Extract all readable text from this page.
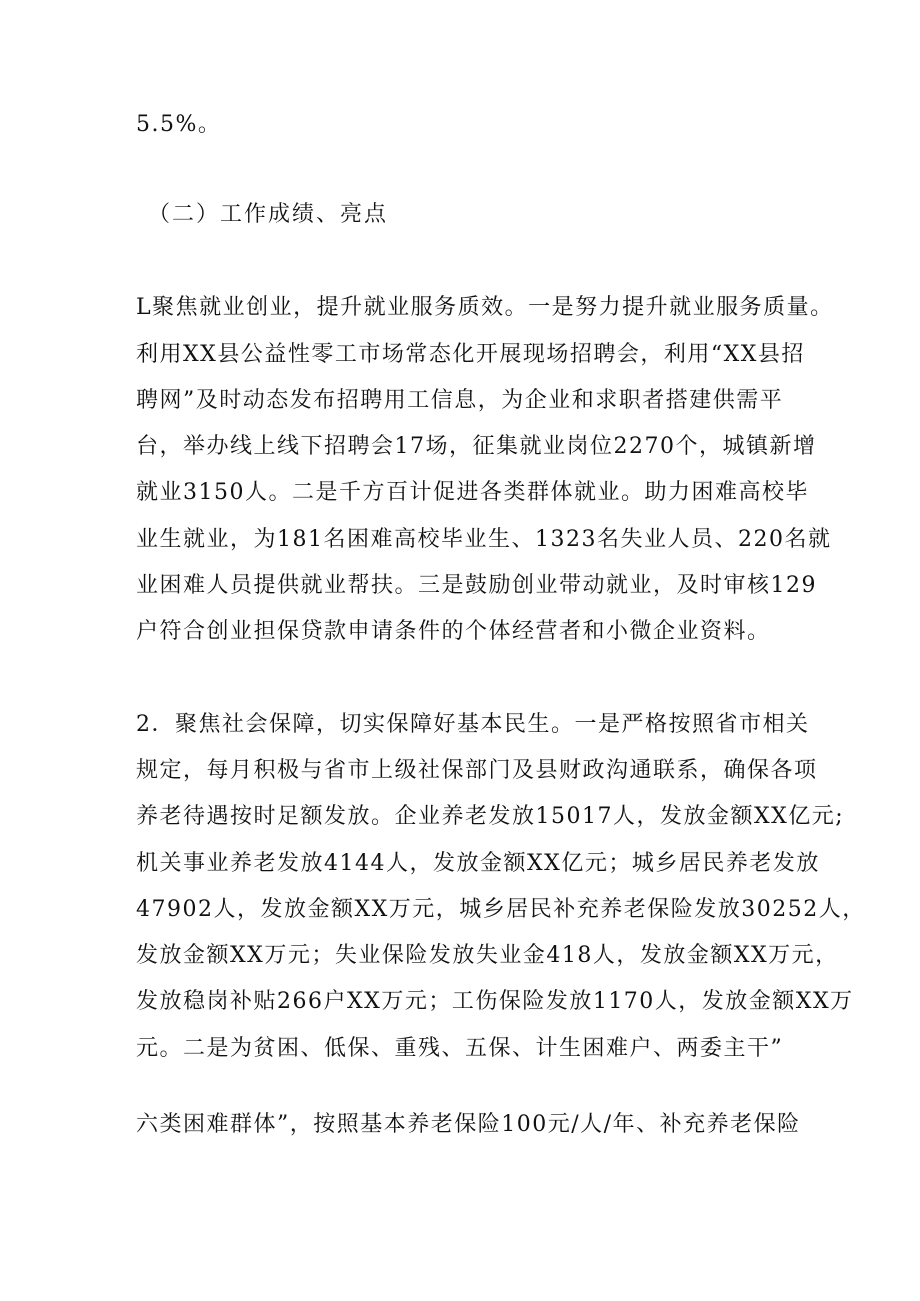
5.5%。
（二）工作成绩、亮点
L聚焦就业创业，提升就业服务质效。一是努力提升就业服务质量。
利用XX县公益性零工市场常态化开展现场招聘会，利用“XX县招
聘网”及时动态发布招聘用工信息，为企业和求职者搭建供需平
台，举办线上线下招聘会17场，征集就业岗位2270个，城镇新增
就业3150人。二是千方百计促进各类群体就业。助力困难高校毕
业生就业，为181名困难高校毕业生、1323名失业人员、220名就
业困难人员提供就业帮扶。三是鼓励创业带动就业，及时审核129
户符合创业担保贷款申请条件的个体经营者和小微企业资料。
2．聚焦社会保障，切实保障好基本民生。一是严格按照省市相关
规定，每月积极与省市上级社保部门及县财政沟通联系，确保各项
养老待遇按时足额发放。企业养老发放15017人，发放金额XX亿元;
机关事业养老发放4144人，发放金额XX亿元；城乡居民养老发放
47902人，发放金额XX万元，城乡居民补充养老保险发放30252人，
发放金额XX万元；失业保险发放失业金418人，发放金额XX万元，
发放稳岗补贴266户XX万元；工伤保险发放1170人，发放金额XX万
元。二是为贫困、低保、重残、五保、计生困难户、两委主干”
六类困难群体”，按照基本养老保险100元/人/年、补充养老保险
